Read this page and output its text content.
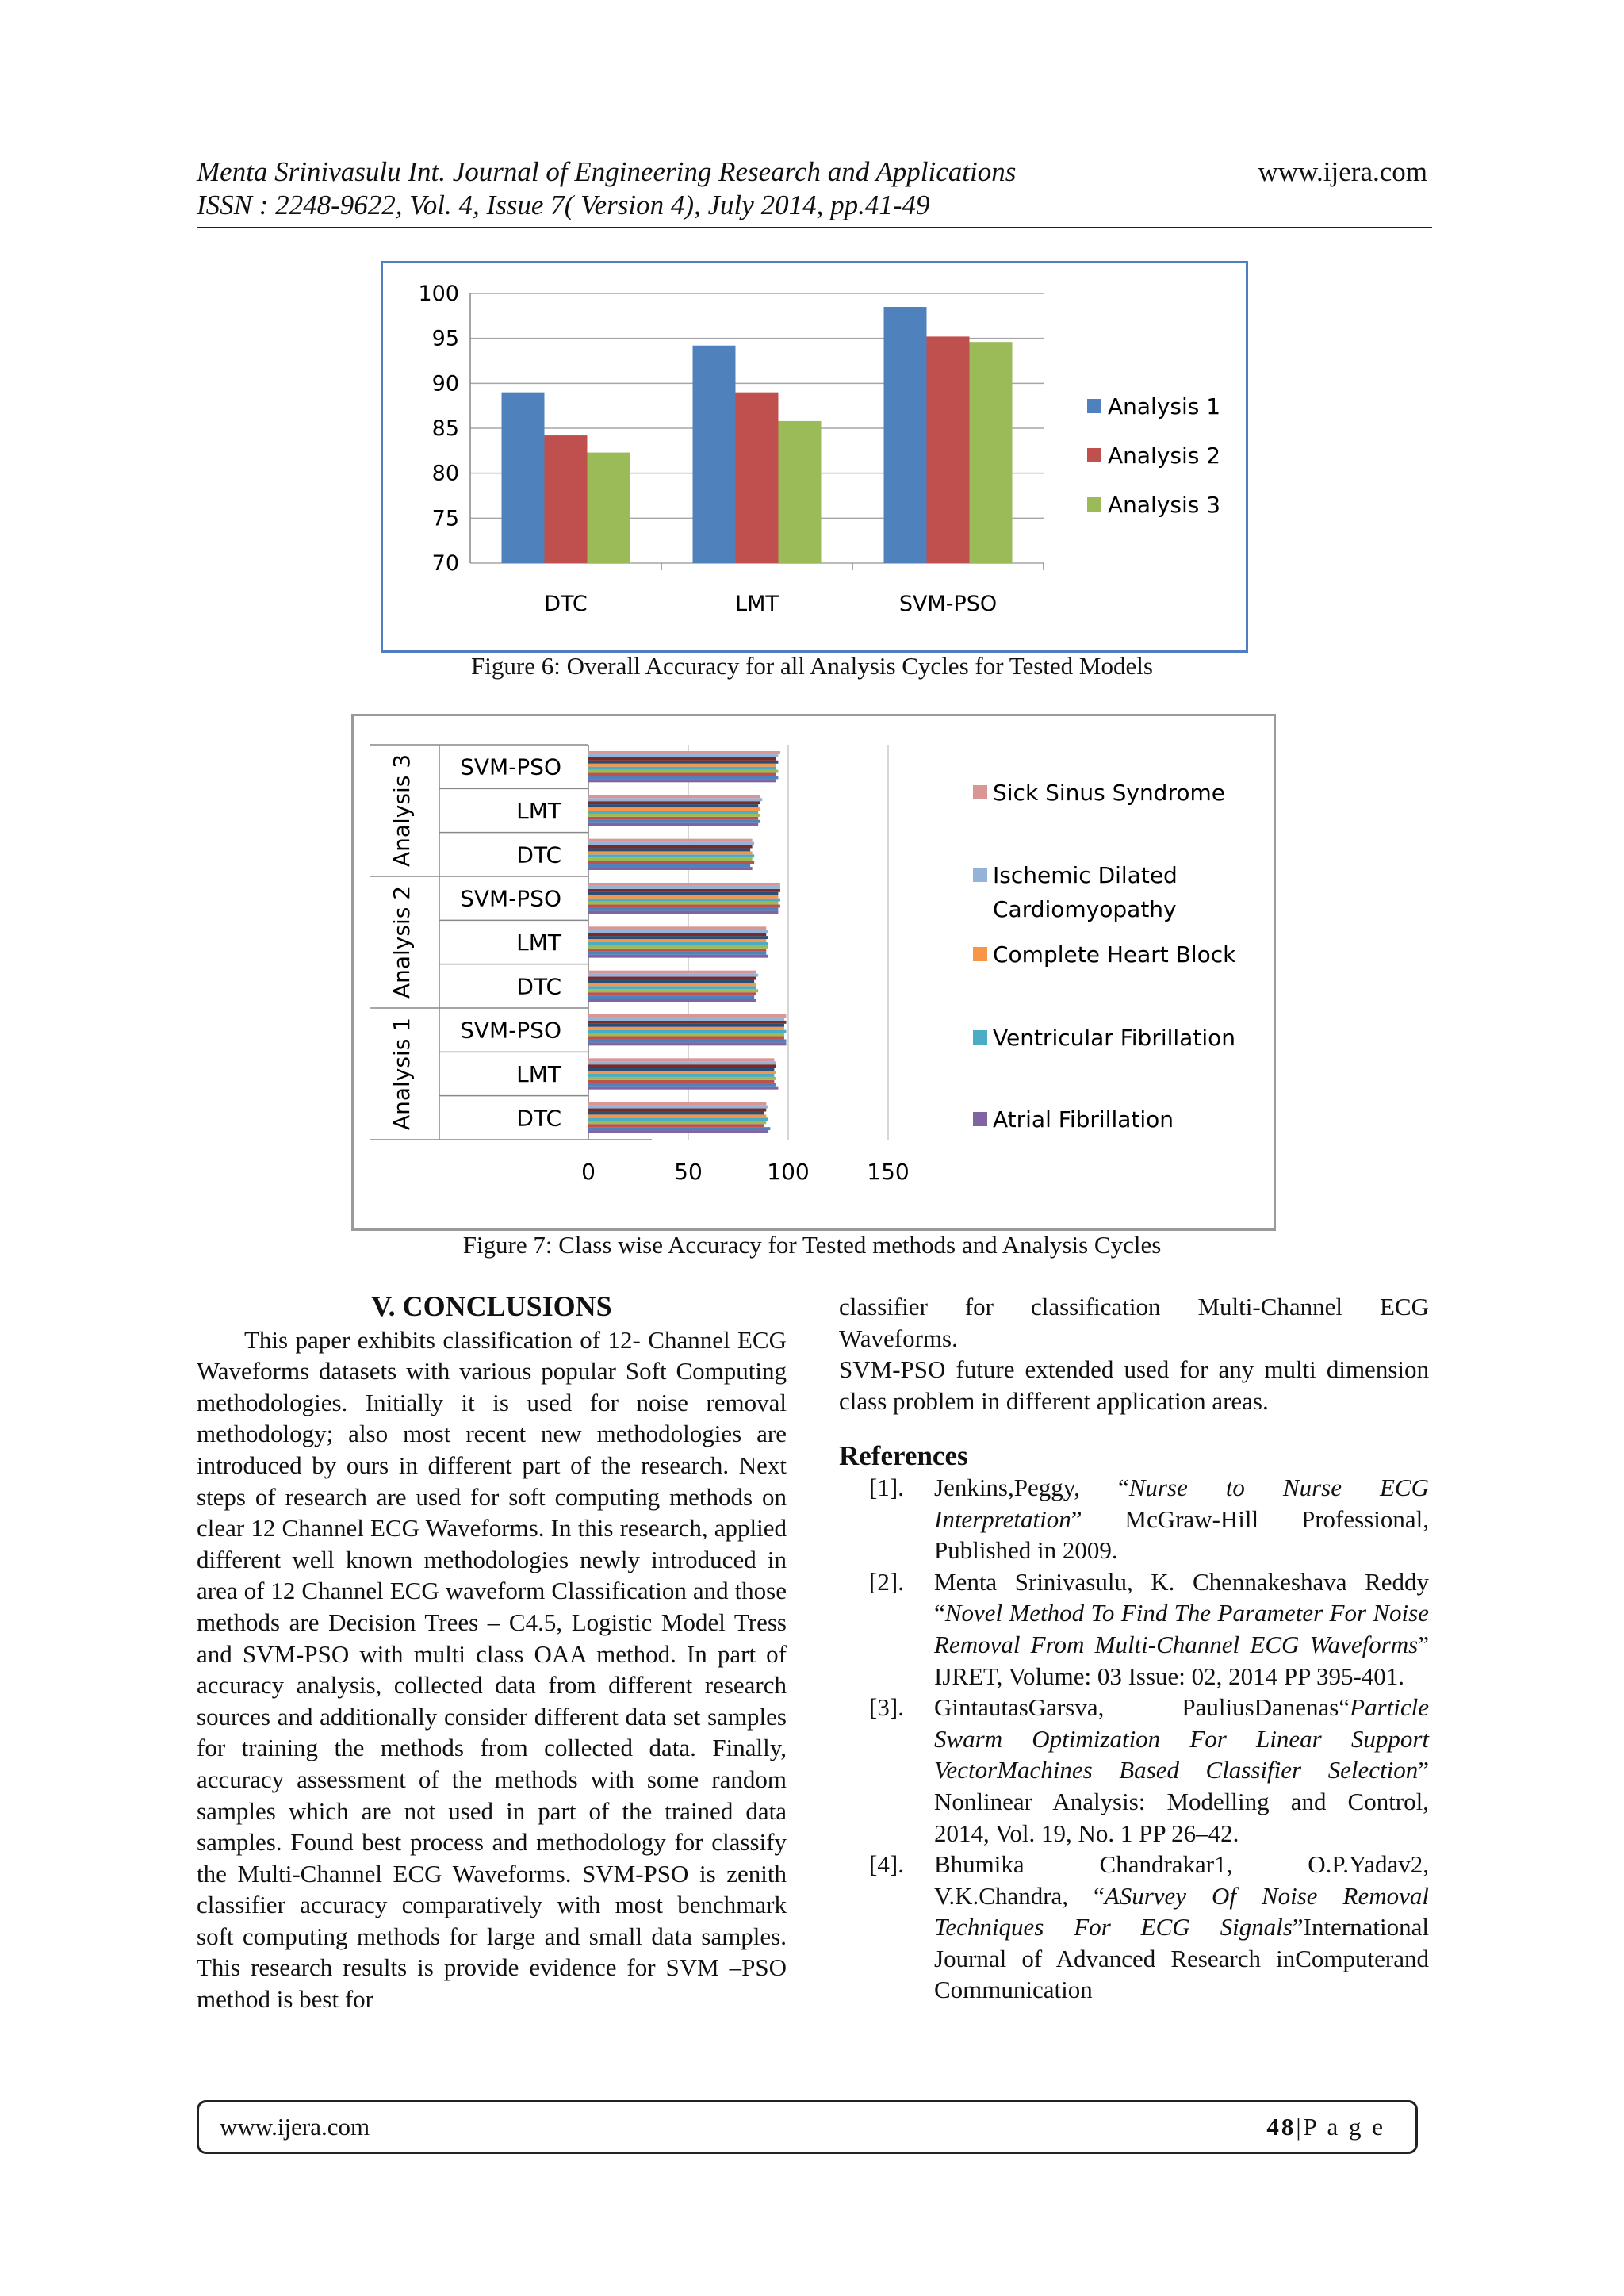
Menta Srinivasulu Int. Journal of Engineering Research and Applications	www.ijera.com
ISSN : 2248-9622, Vol. 4, Issue 7( Version 4), July 2014, pp.41-49
70
75
80
85
90
95
100
DTC	LMT	SVM-PSO
Analysis 1
Analysis 2
Analysis 3
Figure 6: Overall Accuracy for all Analysis Cycles for Tested Models
0	50	100	150
DTC
LMT
SVM-PSO
DTC
LMT
SVM-PSO
DTC
LMT
SVM-PSO
Analysis 1
Analysis 2
Analysis 3	Sick Sinus Syndrome
Ischemic Dilated
Cardiomyopathy
Complete Heart Block
Ventricular Fibrillation
Atrial Fibrillation
Figure 7: Class wise Accuracy for Tested methods and Analysis Cycles
V. CONCLUSIONS

This paper exhibits classification of 12- Channel ECG Waveforms datasets with various popular Soft Computing methodologies. Initially it is used for noise removal methodology; also most recent new methodologies are introduced by ours in different part of the research. Next steps of research are used for soft computing methods on clear 12 Channel ECG Waveforms. In this research, applied different well known methodologies newly introduced in area of 12 Channel ECG waveform Classification and those methods are Decision Trees – C4.5, Logistic Model Tress and SVM-PSO with multi class OAA method. In part of accuracy analysis, collected data from different research sources and additionally consider different data set samples for training the methods from collected data. Finally, accuracy assessment of the methods with some random samples which are not used in part of the trained data samples. Found best process and methodology for classify the Multi-Channel ECG Waveforms. SVM-PSO is zenith classifier accuracy comparatively with most benchmark soft computing methods for large and small data samples. This research results is provide evidence for SVM –PSO method is best for

classifier for classification Multi-Channel ECG Waveforms.

SVM-PSO future extended used for any multi dimension class problem in different application areas.

References
[1].	Jenkins,Peggy, “Nurse to Nurse ECG Interpretation” McGraw-Hill Professional, Published in 2009.
[2].	Menta Srinivasulu, K. Chennakeshava Reddy “Novel Method To Find The Parameter For Noise Removal From Multi-Channel ECG Waveforms” IJRET, Volume: 03 Issue: 02, 2014 PP 395-401.
[3].	GintautasGarsva, PauliusDanenas“Particle Swarm Optimization For Linear Support VectorMachines Based Classifier Selection” Nonlinear Analysis: Modelling and Control, 2014, Vol. 19, No. 1 PP 26–42.
[4].	Bhumika Chandrakar1, O.P.Yadav2, V.K.Chandra, “ASurvey Of Noise Removal Techniques For ECG Signals”International Journal of Advanced Research inComputerand Communication
www.ijera.com	48|P a g e
